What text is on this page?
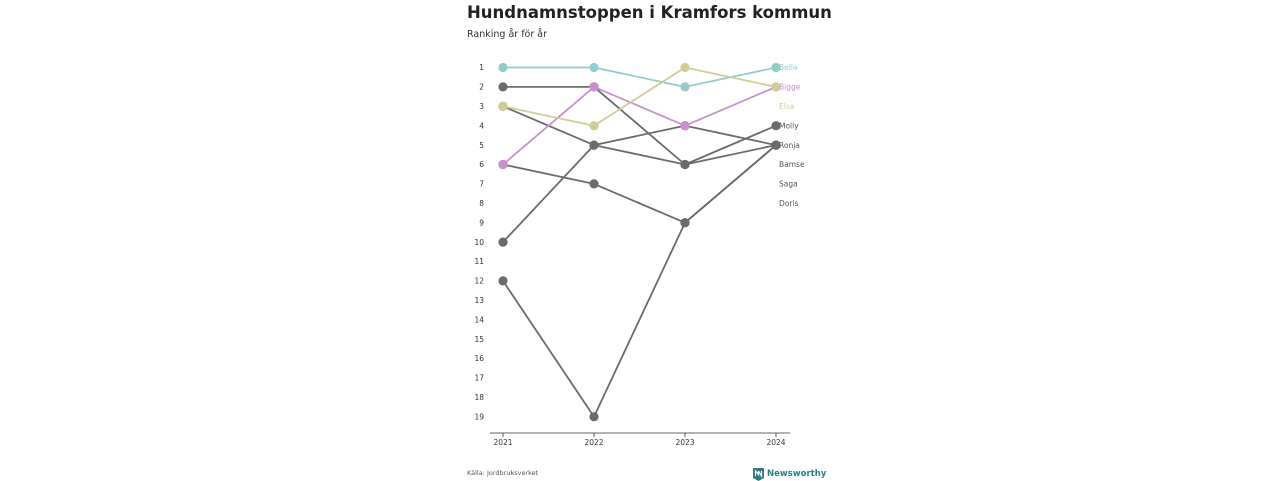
Hundnamnstoppen i Kramfors kommun
Ranking år för år
1
2
3
4
5
6
7
8
9
10
11
12
13
14
15
16
17
18
19
2021	2022	2023	2024
Bella
Bigge
Elsa
Molly
Ronja
Bamse
Saga
Doris
Källa: Jordbruksverket	Newsworthy
